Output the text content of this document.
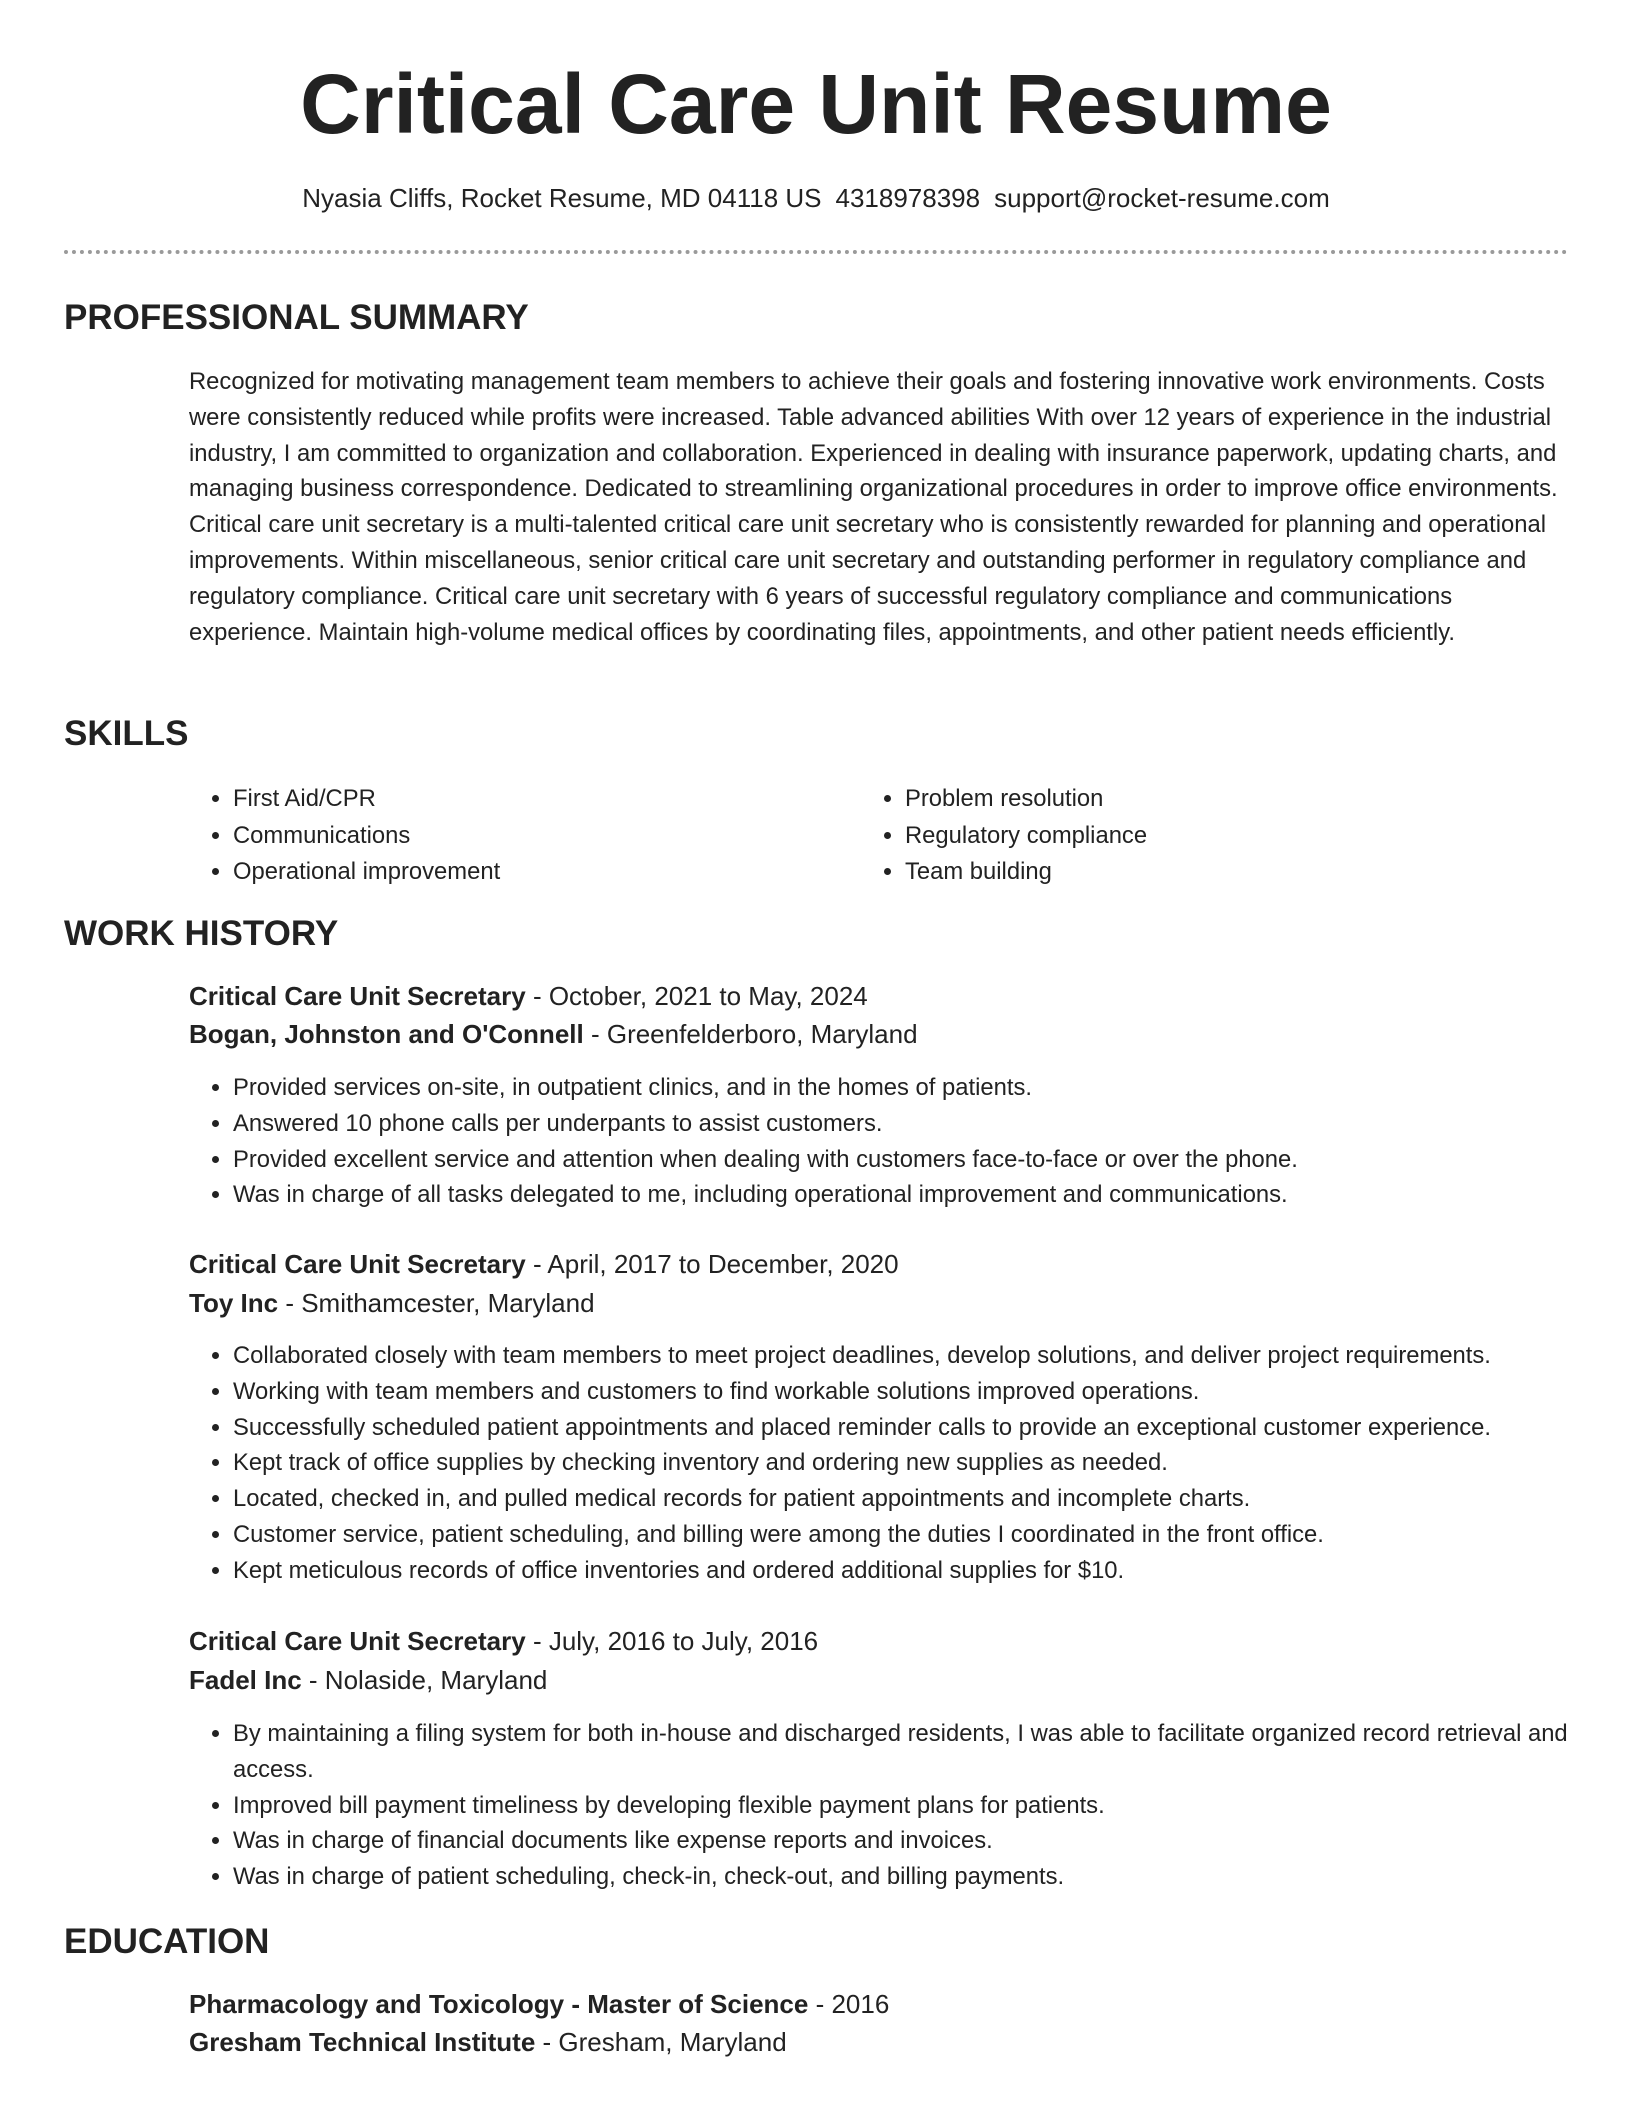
Critical Care Unit Resume
Nyasia Cliffs, Rocket Resume, MD 04118 US 4318978398 support@rocket-resume.com
PROFESSIONAL SUMMARY

Recognized for motivating management team members to achieve their goals and fostering innovative work environments. Costs were consistently reduced while profits were increased. Table advanced abilities With over 12 years of experience in the industrial industry, I am committed to organization and collaboration. Experienced in dealing with insurance paperwork, updating charts, and managing business correspondence. Dedicated to streamlining organizational procedures in order to improve office environments. Critical care unit secretary is a multi-talented critical care unit secretary who is consistently rewarded for planning and operational improvements. Within miscellaneous, senior critical care unit secretary and outstanding performer in regulatory compliance and regulatory compliance. Critical care unit secretary with 6 years of successful regulatory compliance and communications experience. Maintain high-volume medical offices by coordinating files, appointments, and other patient needs efficiently.

SKILLS
• First Aid/CPR
• Communications
• Operational improvement
• Problem resolution
• Regulatory compliance
• Team building
WORK HISTORY
Critical Care Unit Secretary - October, 2021 to May, 2024
Bogan, Johnston and O'Connell - Greenfelderboro, Maryland
• Provided services on-site, in outpatient clinics, and in the homes of patients.
• Answered 10 phone calls per underpants to assist customers.
• Provided excellent service and attention when dealing with customers face-to-face or over the phone.
• Was in charge of all tasks delegated to me, including operational improvement and communications.
Critical Care Unit Secretary - April, 2017 to December, 2020
Toy Inc - Smithamcester, Maryland
• Collaborated closely with team members to meet project deadlines, develop solutions, and deliver project requirements.
• Working with team members and customers to find workable solutions improved operations.
• Successfully scheduled patient appointments and placed reminder calls to provide an exceptional customer experience.
• Kept track of office supplies by checking inventory and ordering new supplies as needed.
• Located, checked in, and pulled medical records for patient appointments and incomplete charts.
• Customer service, patient scheduling, and billing were among the duties I coordinated in the front office.
• Kept meticulous records of office inventories and ordered additional supplies for $10.
Critical Care Unit Secretary - July, 2016 to July, 2016
Fadel Inc - Nolaside, Maryland
• By maintaining a filing system for both in-house and discharged residents, I was able to facilitate organized record retrieval and access.
• Improved bill payment timeliness by developing flexible payment plans for patients.
• Was in charge of financial documents like expense reports and invoices.
• Was in charge of patient scheduling, check-in, check-out, and billing payments.
EDUCATION
Pharmacology and Toxicology - Master of Science - 2016
Gresham Technical Institute - Gresham, Maryland
